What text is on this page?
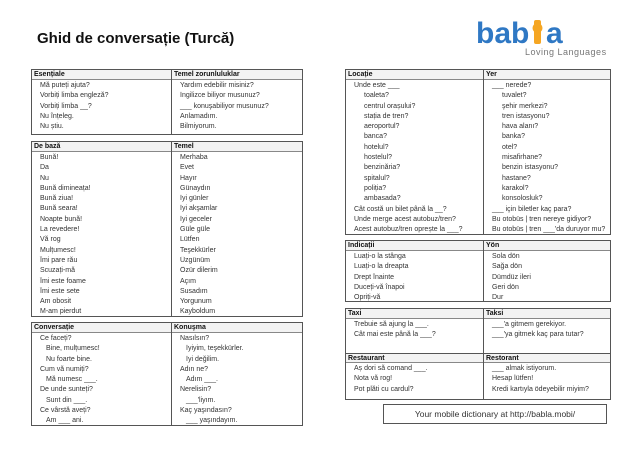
Ghid de conversație (Turcă)	bab a
Loving Languages
Esențiale
Mă puteți ajuta?
Vorbiți limba engleză?
Vorbiți limba __?
Nu înțeleg.
Nu știu.
Temel zorunluluklar
Yardım edebilir misiniz?
İngilizce biliyor musunuz?
___ konuşabiliyor musunuz?
Anlamadım.
Bilmiyorum.
De bază
Bună!
Da
Nu
Bună dimineața!
Bună ziua!
Bună seara!
Noapte bună!
La revedere!
Vă rog
Mulțumesc!
Îmi pare rău
Scuzați-mă
Îmi este foame
Îmi este sete
Am obosit
M-am pierdut
Temel
Merhaba
Evet
Hayır
Günaydın
İyi günler
İyi akşamlar
İyi geceler
Güle güle
Lütfen
Teşekkürler
Üzgünüm
Özür dilerim
Açım
Susadım
Yorgunum
Kayboldum
Conversație
Ce faceți?
Bine, mulțumesc!
Nu foarte bine.
Cum vă numiți?
Mă numesc ___.
De unde sunteți?
Sunt din ___.
Ce vârstă aveți?
Am ___ ani.
Konuşma
Nasılsın?
İyiyim, teşekkürler.
İyi değilim.
Adın ne?
Adım ___.
Nerelisin?
___'liyım.
Kaç yaşındasın?
___ yaşındayım.
Locație
Unde este ___
toaleta?
centrul orașului?
stația de tren?
aeroportul?
banca?
hotelul?
hostelul?
benzinăria?
spitalul?
poliția?
ambasada?
Cât costă un bilet până la __?
Unde merge acest autobuz/tren?
Acest autobuz/tren oprește la ___?
Yer
___ nerede?
tuvalet?
şehir merkezi?
tren istasyonu?
hava alanı?
banka?
otel?
misafirhane?
benzin istasyonu?
hastane?
karakol?
konsolosluk?
___ için biletler kaç para?
Bu otobüs | tren nereye gidiyor?
Bu otobüs | tren ___'da duruyor mu?
Indicații
Luați-o la stânga
Luați-o la dreapta
Drept înainte
Duceți-vă înapoi
Opriți-vă
Yön
Sola dön
Sağa dön
Dümdüz ileri
Geri dön
Dur
Taxi
Trebuie să ajung la ___.
Cât mai este până la ___?
Restaurant
Aș dori să comand ___.
Nota vă rog!
Pot plăti cu cardul?
Taksi
___'a gitmem gerekiyor.
___'ya gitmek kaç para tutar?
Restorant
___ almak istiyorum.
Hesap lütfen!
Kredi kartıyla ödeyebilir miyim?
Your mobile dictionary at http://babla.mobi/
